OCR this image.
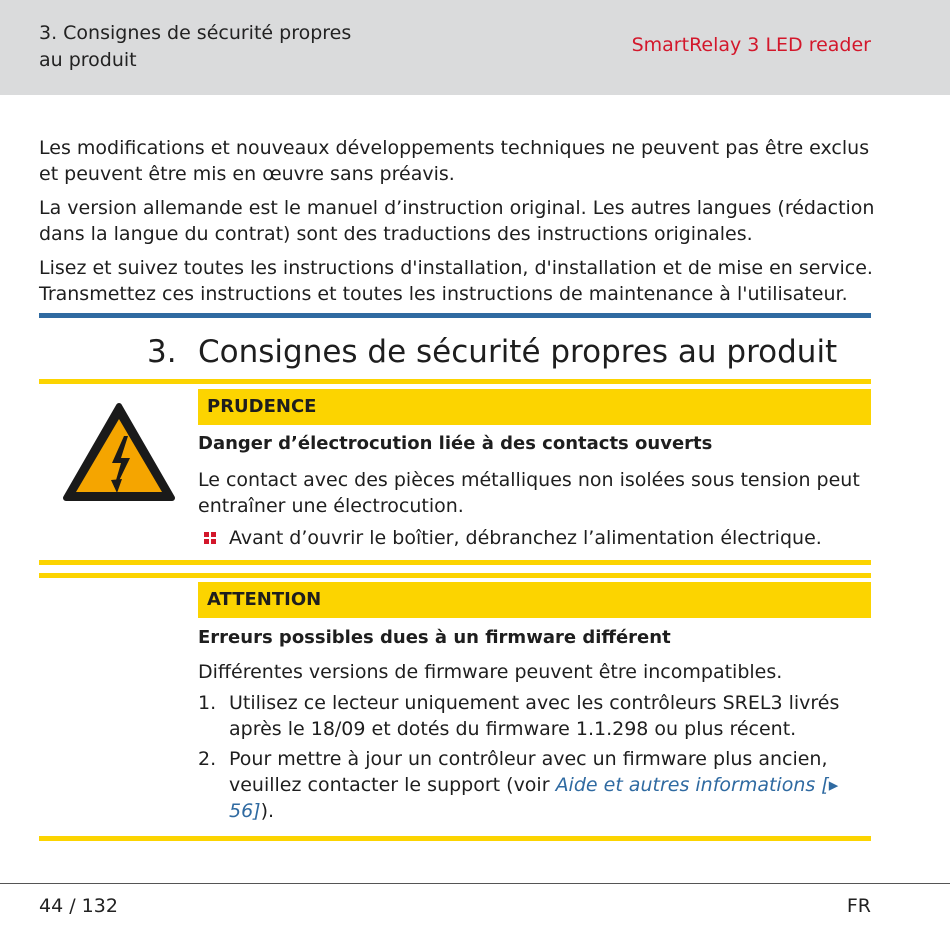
3. Consignes de sécurité propres au produit
SmartRelay 3 LED reader

Les modifications et nouveaux développements techniques ne peuvent pas être exclus et peuvent être mis en œuvre sans préavis.

La version allemande est le manuel d’instruction original. Les autres langues (rédaction dans la langue du contrat) sont des traductions des instructions originales.

Lisez et suivez toutes les instructions d'installation, d'installation et de mise en service. Transmettez ces instructions et toutes les instructions de maintenance à l'utilisateur.

3. Consignes de sécurité propres au produit
PRUDENCE
Danger d’électrocution liée à des contacts ouverts
Le contact avec des pièces métalliques non isolées sous tension peut entraîner une électrocution.
Avant d’ouvrir le boîtier, débranchez l’alimentation électrique.
ATTENTION
Erreurs possibles dues à un firmware différent
Différentes versions de firmware peuvent être incompatibles.
1. Utilisez ce lecteur uniquement avec les contrôleurs SREL3 livrés après le 18/09 et dotés du firmware 1.1.298 ou plus récent.
2. Pour mettre à jour un contrôleur avec un firmware plus ancien, veuillez contacter le support (voir Aide et autres informations [▸ 56]).
44 / 132	FR
